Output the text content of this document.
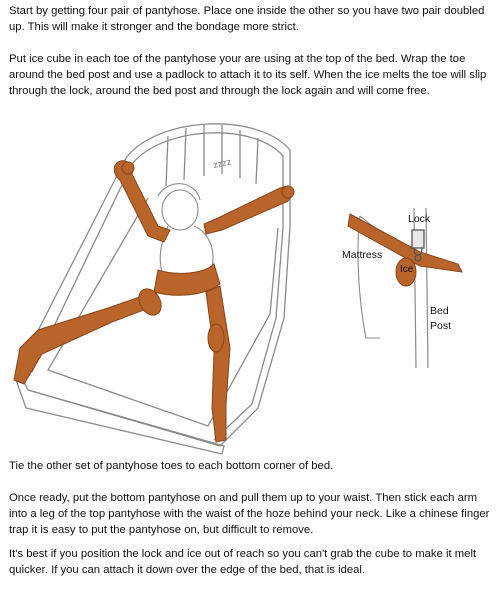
Start by getting four pair of pantyhose. Place one inside the other so you have two pair doubled up. This will make it stronger and the bondage more strict.

Put ice cube in each toe of the pantyhose your are using at the top of the bed. Wrap the toe around the bed post and use a padlock to attach it to its self. When the ice melts the toe will slip through the lock, around the bed post and through the lock again and will come free.

zzzz
Lock
Mattress
Ice
Bed
Post

Tie the other set of pantyhose toes to each bottom corner of bed.

Once ready, put the bottom pantyhose on and pull them up to your waist. Then stick each arm into a leg of the top pantyhose with the waist of the hoze behind your neck. Like a chinese finger trap it is easy to put the pantyhose on, but difficult to remove.

It's best if you position the lock and ice out of reach so you can't grab the cube to make it melt quicker. If you can attach it down over the edge of the bed, that is ideal.
